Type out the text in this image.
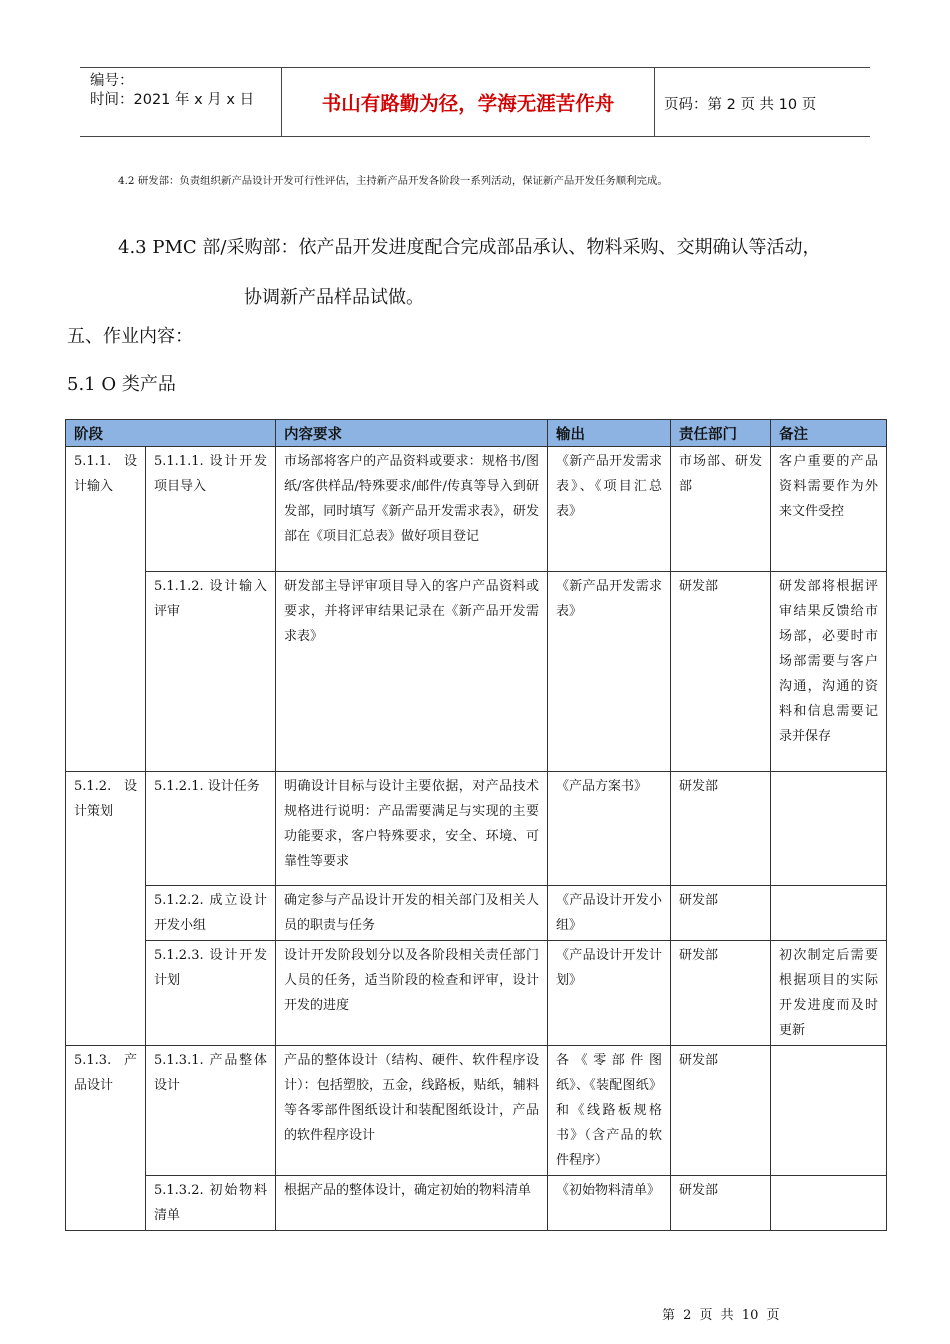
编号：
时间：2021 年 x 月 x 日	书山有路勤为径，学海无涯苦作舟	页码：第 2 页 共 10 页
4.2 研发部：负责组织新产品设计开发可行性评估，主持新产品开发各阶段一系列活动，保证新产品开发任务顺利完成。
4.3 PMC 部/采购部：依产品开发进度配合完成部品承认、物料采购、交期确认等活动，
协调新产品样品试做。
五、作业内容：
5.1 O 类产品
阶段		内容要求	输出	责任部门	备注
5.1.1. 设计输入	5.1.1.1. 设计开发项目导入	市场部将客户的产品资料或要求：规格书/图纸/客供样品/特殊要求/邮件/传真等导入到研发部，同时填写《新产品开发需求表》，研发部在《项目汇总表》做好项目登记	《新产品开发需求表》、《项目汇总表》	市场部、研发部	客户重要的产品资料需要作为外来文件受控
	5.1.1.2. 设计输入评审	研发部主导评审项目导入的客户产品资料或要求，并将评审结果记录在《新产品开发需求表》	《新产品开发需求表》	研发部	研发部将根据评审结果反馈给市场部，必要时市场部需要与客户沟通，沟通的资料和信息需要记录并保存
5.1.2. 设计策划	5.1.2.1. 设计任务	明确设计目标与设计主要依据，对产品技术规格进行说明：产品需要满足与实现的主要功能要求，客户特殊要求，安全、环境、可靠性等要求	《产品方案书》	研发部	
	5.1.2.2. 成立设计开发小组	确定参与产品设计开发的相关部门及相关人员的职责与任务	《产品设计开发小组》	研发部	
	5.1.2.3. 设计开发计划	设计开发阶段划分以及各阶段相关责任部门人员的任务，适当阶段的检查和评审，设计开发的进度	《产品设计开发计划》	研发部	初次制定后需要根据项目的实际开发进度而及时更新
5.1.3. 产品设计	5.1.3.1. 产品整体设计	产品的整体设计（结构、硬件、软件程序设计）：包括塑胶，五金，线路板，贴纸，辅料等各零部件图纸设计和装配图纸设计，产品的软件程序设计	各《零部件图纸》、《装配图纸》和《线路板规格书》（含产品的软件程序）	研发部	
	5.1.3.2. 初始物料清单	根据产品的整体设计，确定初始的物料清单	《初始物料清单》	研发部	
第 2 页 共 10 页
